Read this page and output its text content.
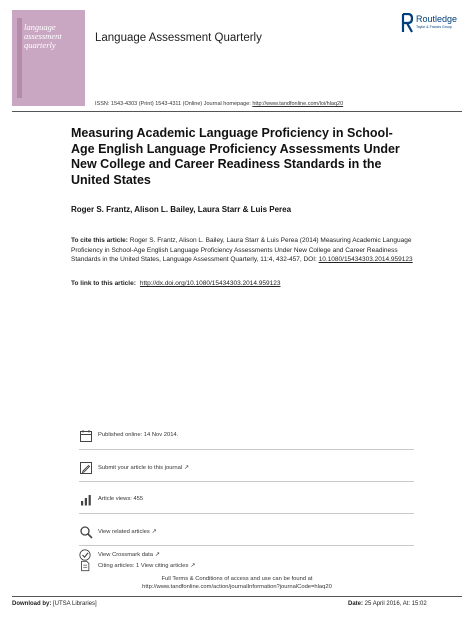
language assessment quarterly
Language Assessment Quarterly
Routledge
Taylor & Francis Group
ISSN: 1543-4303 (Print) 1543-4311 (Online) Journal homepage: http://www.tandfonline.com/loi/hlaq20
Measuring Academic Language Proficiency in School-Age English Language Proficiency Assessments Under New College and Career Readiness Standards in the United States
Roger S. Frantz, Alison L. Bailey, Laura Starr & Luis Perea
To cite this article: Roger S. Frantz, Alison L. Bailey, Laura Starr & Luis Perea (2014) Measuring Academic Language Proficiency in School-Age English Language Proficiency Assessments Under New College and Career Readiness Standards in the United States, Language Assessment Quarterly, 11:4, 432-457, DOI: 10.1080/15434303.2014.959123
To link to this article: http://dx.doi.org/10.1080/15434303.2014.959123
Published online: 14 Nov 2014.
Submit your article to this journal ↗
Article views: 455
View related articles ↗
View Crossmark data ↗
Citing articles: 1 View citing articles ↗
Full Terms & Conditions of access and use can be found at
http://www.tandfonline.com/action/journalInformation?journalCode=hlaq20
Download by: [UTSA Libraries]	Date: 25 April 2016, At: 15:02
